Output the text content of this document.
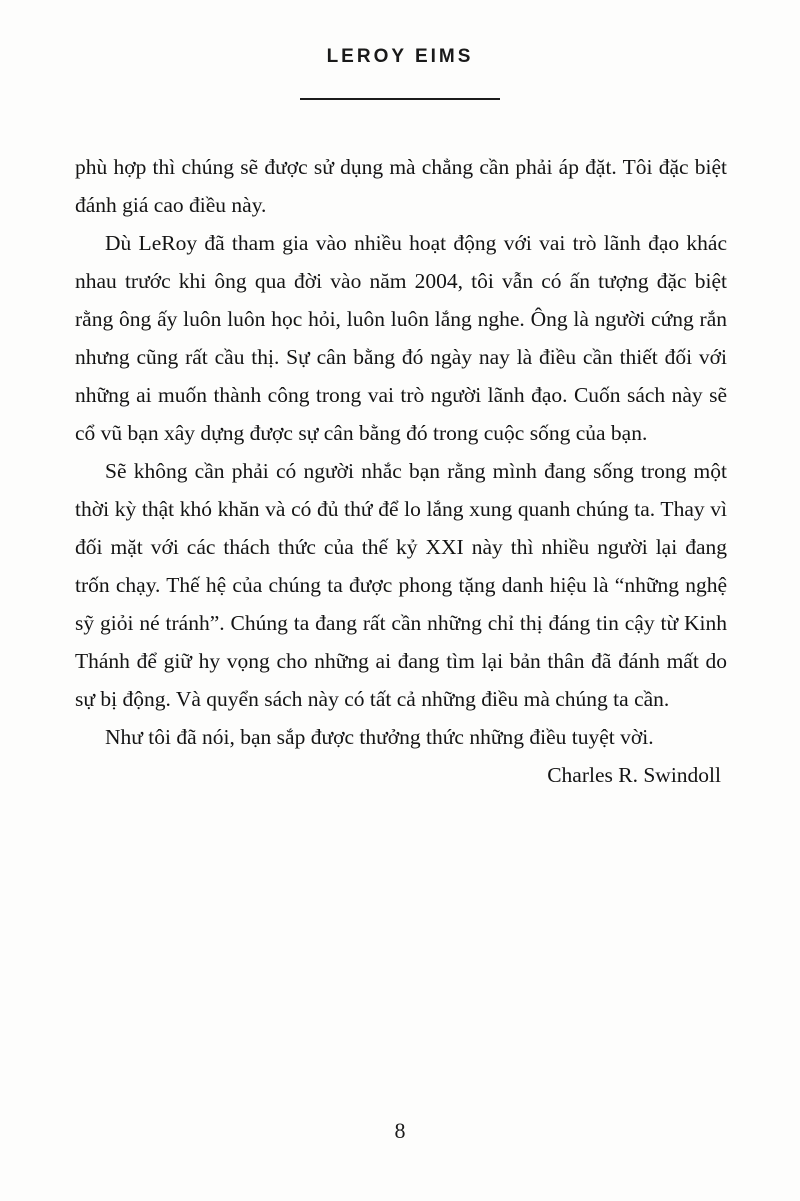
LEROY EIMS

phù hợp thì chúng sẽ được sử dụng mà chẳng cần phải áp đặt. Tôi đặc biệt đánh giá cao điều này.

Dù LeRoy đã tham gia vào nhiều hoạt động với vai trò lãnh đạo khác nhau trước khi ông qua đời vào năm 2004, tôi vẫn có ấn tượng đặc biệt rằng ông ấy luôn luôn học hỏi, luôn luôn lắng nghe. Ông là người cứng rắn nhưng cũng rất cầu thị. Sự cân bằng đó ngày nay là điều cần thiết đối với những ai muốn thành công trong vai trò người lãnh đạo. Cuốn sách này sẽ cổ vũ bạn xây dựng được sự cân bằng đó trong cuộc sống của bạn.

Sẽ không cần phải có người nhắc bạn rằng mình đang sống trong một thời kỳ thật khó khăn và có đủ thứ để lo lắng xung quanh chúng ta. Thay vì đối mặt với các thách thức của thế kỷ XXI này thì nhiều người lại đang trốn chạy. Thế hệ của chúng ta được phong tặng danh hiệu là “những nghệ sỹ giỏi né tránh”. Chúng ta đang rất cần những chỉ thị đáng tin cậy từ Kinh Thánh để giữ hy vọng cho những ai đang tìm lại bản thân đã đánh mất do sự bị động. Và quyển sách này có tất cả những điều mà chúng ta cần.

Như tôi đã nói, bạn sắp được thưởng thức những điều tuyệt vời.

Charles R. Swindoll

8
